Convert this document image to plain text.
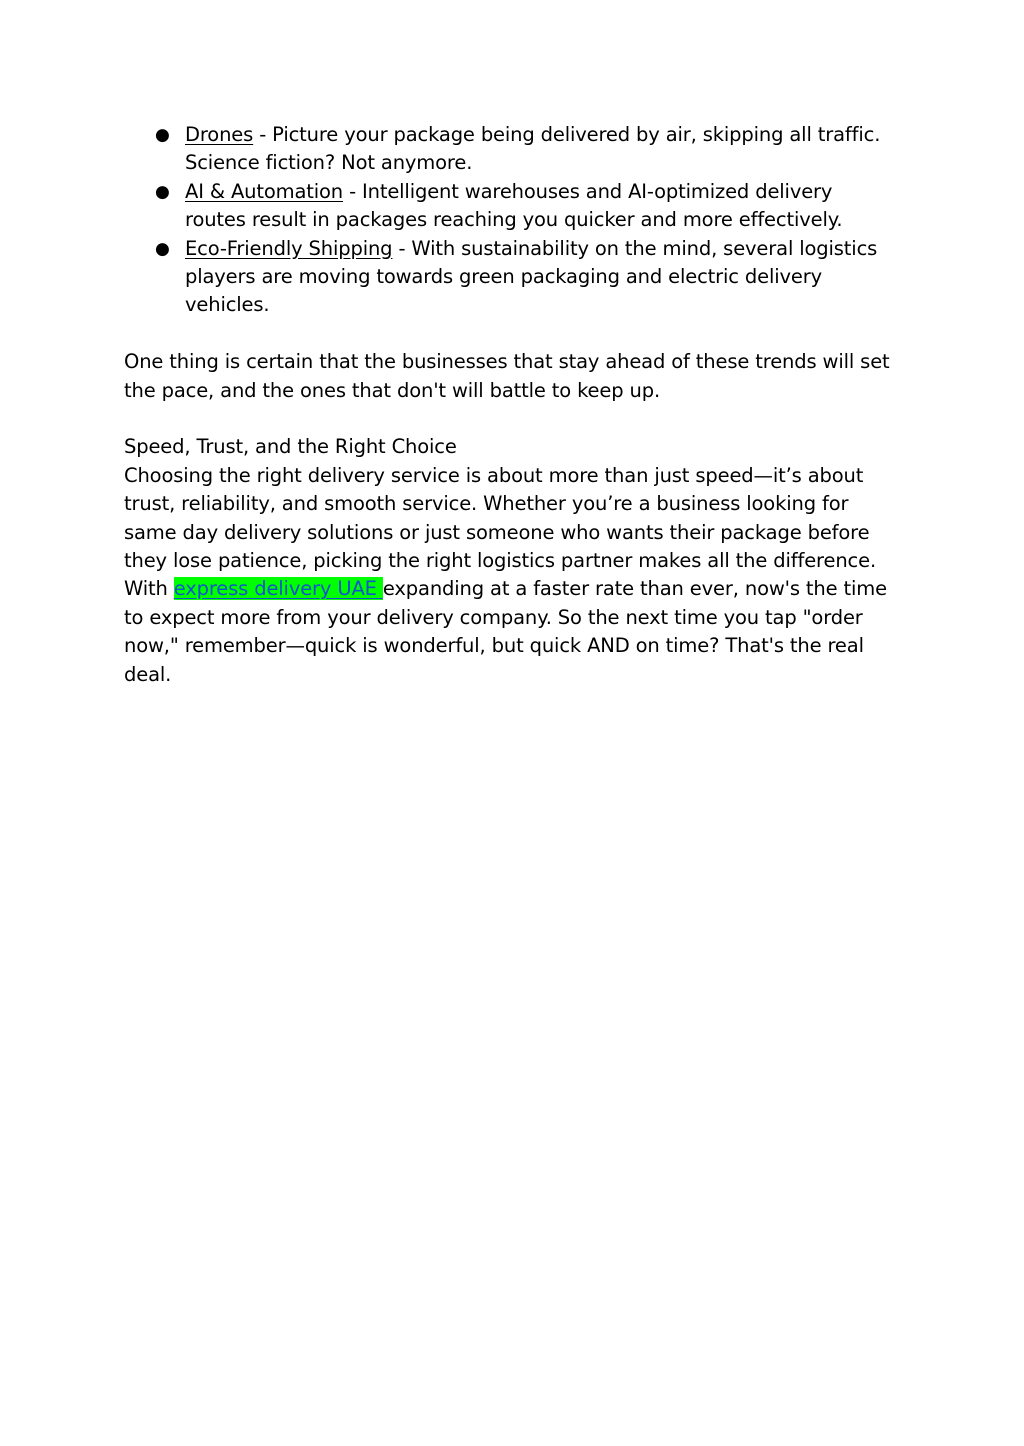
● Drones - Picture your package being delivered by air, skipping all traffic. Science fiction? Not anymore.
● AI & Automation - Intelligent warehouses and AI-optimized delivery routes result in packages reaching you quicker and more effectively.
● Eco-Friendly Shipping - With sustainability on the mind, several logistics players are moving towards green packaging and electric delivery vehicles.

One thing is certain that the businesses that stay ahead of these trends will set the pace, and the ones that don't will battle to keep up.

Speed, Trust, and the Right Choice

Choosing the right delivery service is about more than just speed—it’s about trust, reliability, and smooth service. Whether you’re a business looking for same day delivery solutions or just someone who wants their package before they lose patience, picking the right logistics partner makes all the difference. With express delivery UAE expanding at a faster rate than ever, now's the time to expect more from your delivery company. So the next time you tap "order now," remember—quick is wonderful, but quick AND on time? That's the real deal.
